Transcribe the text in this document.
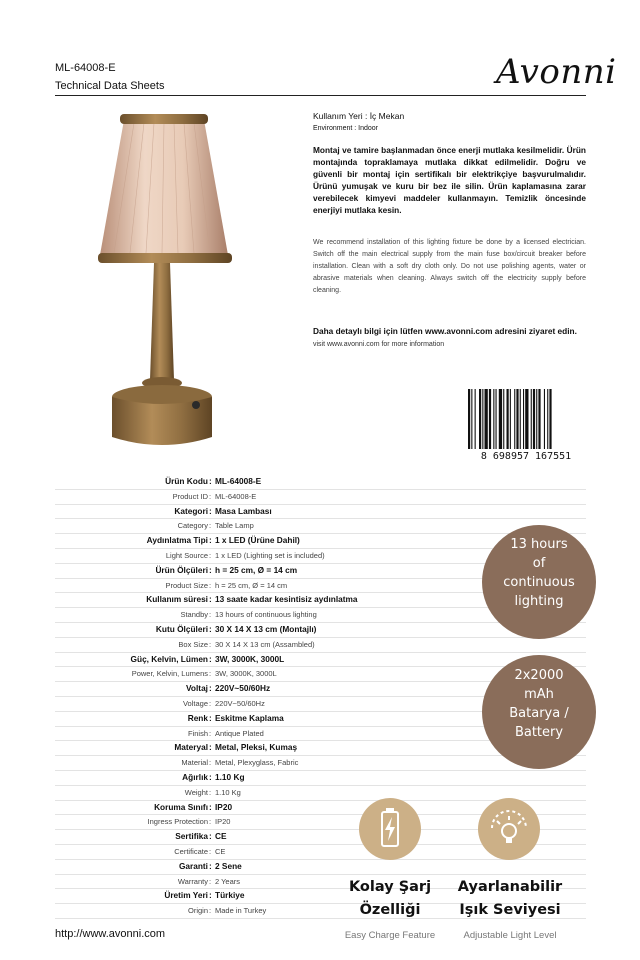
ML-64008-E
Technical Data Sheets	Avonni
Kullanım Yeri : İç Mekan
Environment : Indoor
Montaj ve tamire başlanmadan önce enerji mutlaka kesilmelidir. Ürün montajında topraklamaya mutlaka dikkat edilmelidir. Doğru ve güvenli bir montaj için sertifikalı bir elektrikçiye başvurulmalıdır. Ürünü yumuşak ve kuru bir bez ile silin. Ürün kaplamasına zarar verebilecek kimyevi maddeler kullanmayın. Temizlik öncesinde enerjiyi mutlaka kesin.
We recommend installation of this lighting fixture be done by a licensed electrician. Switch off the main electrical supply from the main fuse box/circuit breaker before installation. Clean with a soft dry cloth only. Do not use polishing agents, water or abrasive materials when cleaning. Always switch off the electricity supply before cleaning.
Daha detaylı bilgi için lütfen www.avonni.com adresini ziyaret edin.
visit www.avonni.com for more information
8 698957 167551
Ürün Kodu : ML-64008-E
Product ID : ML-64008-E
Kategori : Masa Lambası
Category : Table Lamp
Aydınlatma Tipi : 1 x LED (Ürüne Dahil)
Light Source : 1 x LED (Lighting set is included)
Ürün Ölçüleri : h = 25 cm, Ø = 14 cm
Product Size : h = 25 cm, Ø = 14 cm
Kullanım süresi : 13 saate kadar kesintisiz aydınlatma
Standby : 13 hours of continuous lighting
Kutu Ölçüleri : 30 X 14 X 13 cm (Montajlı)
Box Size : 30 X 14 X 13 cm (Assambled)
Güç, Kelvin, Lümen : 3W, 3000K, 3000L
Power, Kelvin, Lumens : 3W, 3000K, 3000L
Voltaj : 220V~50/60Hz
Voltage : 220V~50/60Hz
Renk : Eskitme Kaplama
Finish : Antique Plated
Materyal : Metal, Pleksi, Kumaş
Material : Metal, Plexyglass, Fabric
Ağırlık : 1.10 Kg
Weight : 1.10 Kg
Koruma Sınıfı : IP20
Ingress Protection : IP20
Sertifika : CE
Certificate : CE
Garanti : 2 Sene
Warranty : 2 Years
Üretim Yeri : Türkiye
Origin : Made in Turkey
13 hours
of
continuous
lighting
2x2000
mAh
Batarya /
Battery
Kolay Şarj
Özelliği
Ayarlanabilir
Işık Seviyesi
Easy Charge Feature	Adjustable Light Level
http://www.avonni.com
